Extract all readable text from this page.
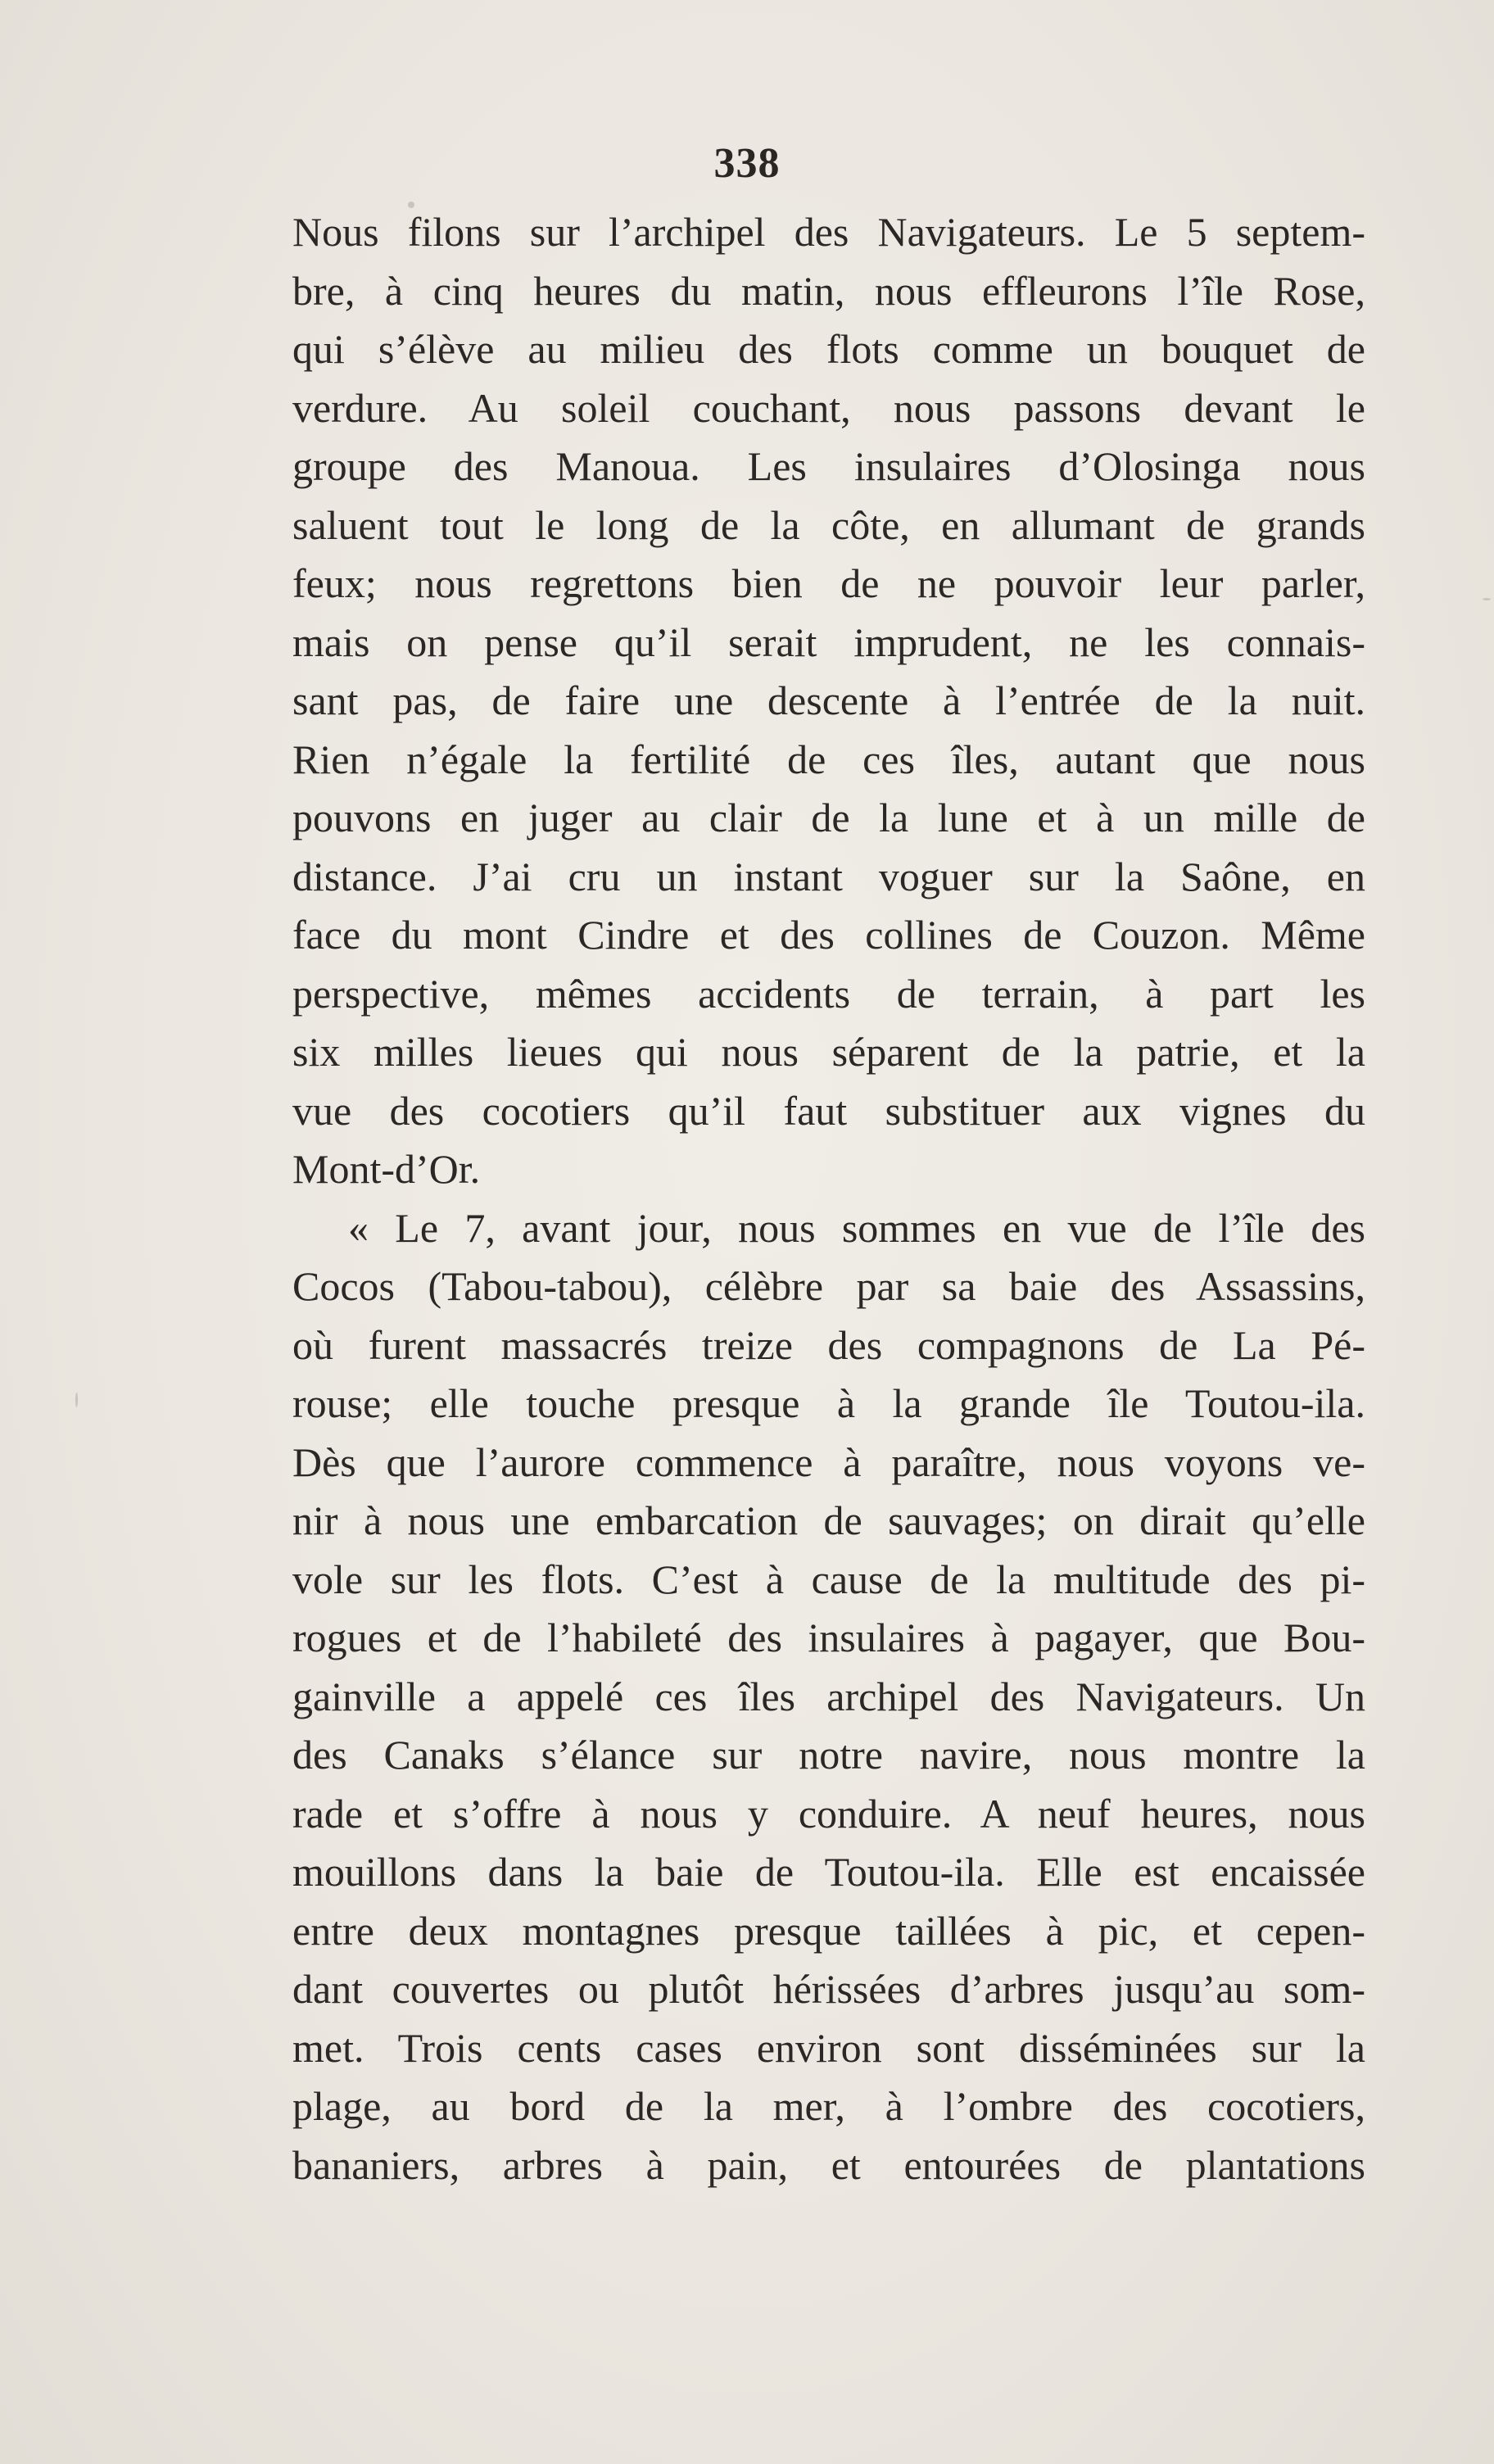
338
Nous filons sur l’archipel des Navigateurs. Le 5 septem-
bre, à cinq heures du matin, nous effleurons l’île Rose,
qui s’élève au milieu des flots comme un bouquet de
verdure. Au soleil couchant, nous passons devant le
groupe des Manoua. Les insulaires d’Olosinga nous
saluent tout le long de la côte, en allumant de grands
feux; nous regrettons bien de ne pouvoir leur parler,
mais on pense qu’il serait imprudent, ne les connais-
sant pas, de faire une descente à l’entrée de la nuit.
Rien n’égale la fertilité de ces îles, autant que nous
pouvons en juger au clair de la lune et à un mille de
distance. J’ai cru un instant voguer sur la Saône, en
face du mont Cindre et des collines de Couzon. Même
perspective, mêmes accidents de terrain, à part les
six milles lieues qui nous séparent de la patrie, et la
vue des cocotiers qu’il faut substituer aux vignes du
Mont-d’Or.
« Le 7, avant jour, nous sommes en vue de l’île des
Cocos (Tabou-tabou), célèbre par sa baie des Assassins,
où furent massacrés treize des compagnons de La Pé-
rouse; elle touche presque à la grande île Toutou-ila.
Dès que l’aurore commence à paraître, nous voyons ve-
nir à nous une embarcation de sauvages; on dirait qu’elle
vole sur les flots. C’est à cause de la multitude des pi-
rogues et de l’habileté des insulaires à pagayer, que Bou-
gainville a appelé ces îles archipel des Navigateurs. Un
des Canaks s’élance sur notre navire, nous montre la
rade et s’offre à nous y conduire. A neuf heures, nous
mouillons dans la baie de Toutou-ila. Elle est encaissée
entre deux montagnes presque taillées à pic, et cepen-
dant couvertes ou plutôt hérissées d’arbres jusqu’au som-
met. Trois cents cases environ sont disséminées sur la
plage, au bord de la mer, à l’ombre des cocotiers,
bananiers, arbres à pain, et entourées de plantations
